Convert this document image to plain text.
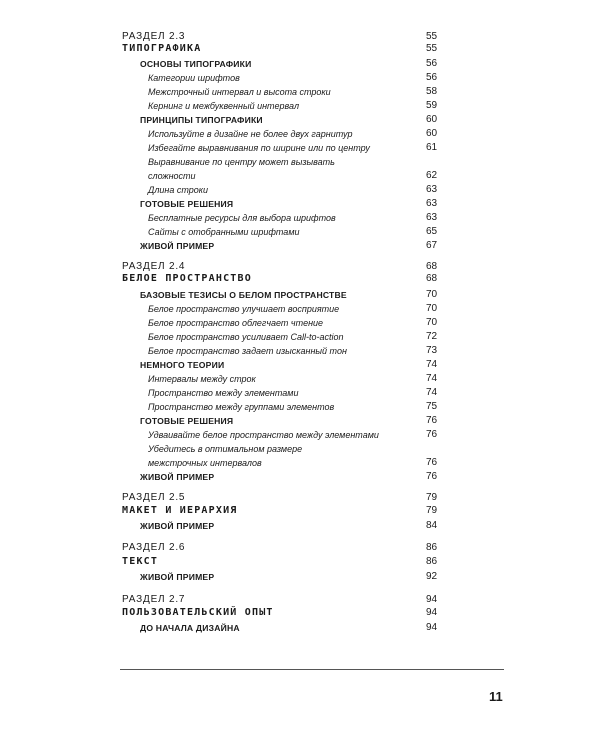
РАЗДЕЛ 2.3	55
ТИПОГРАФИКА	55
ОСНОВЫ ТИПОГРАФИКИ	56
Категории шрифтов	56
Межстрочный интервал и высота строки	58
Кернинг и межбуквенный интервал	59
ПРИНЦИПЫ ТИПОГРАФИКИ	60
Используйте в дизайне не более двух гарнитур	60
Избегайте выравнивания по ширине или по центру	61
Выравнивание по центру может вызывать
сложности	62
Длина строки	63
ГОТОВЫЕ РЕШЕНИЯ	63
Бесплатные ресурсы для выбора шрифтов	63
Сайты с отобранными шрифтами	65
ЖИВОЙ ПРИМЕР	67
РАЗДЕЛ 2.4	68
БЕЛОЕ ПРОСТРАНСТВО	68
БАЗОВЫЕ ТЕЗИСЫ О БЕЛОМ ПРОСТРАНСТВЕ	70
Белое пространство улучшает восприятие	70
Белое пространство облегчает чтение	70
Белое пространство усиливает Call-to-action	72
Белое пространство задает изысканный тон	73
НЕМНОГО ТЕОРИИ	74
Интервалы между строк	74
Пространство между элементами	74
Пространство между группами элементов	75
ГОТОВЫЕ РЕШЕНИЯ	76
Удваивайте белое пространство между элементами	76
Убедитесь в оптимальном размере
межстрочных интервалов	76
ЖИВОЙ ПРИМЕР	76
РАЗДЕЛ 2.5	79
МАКЕТ И ИЕРАРХИЯ	79
ЖИВОЙ ПРИМЕР	84
РАЗДЕЛ 2.6	86
ТЕКСТ	86
ЖИВОЙ ПРИМЕР	92
РАЗДЕЛ 2.7	94
ПОЛЬЗОВАТЕЛЬСКИЙ ОПЫТ	94
ДО НАЧАЛА ДИЗАЙНА	94
11
